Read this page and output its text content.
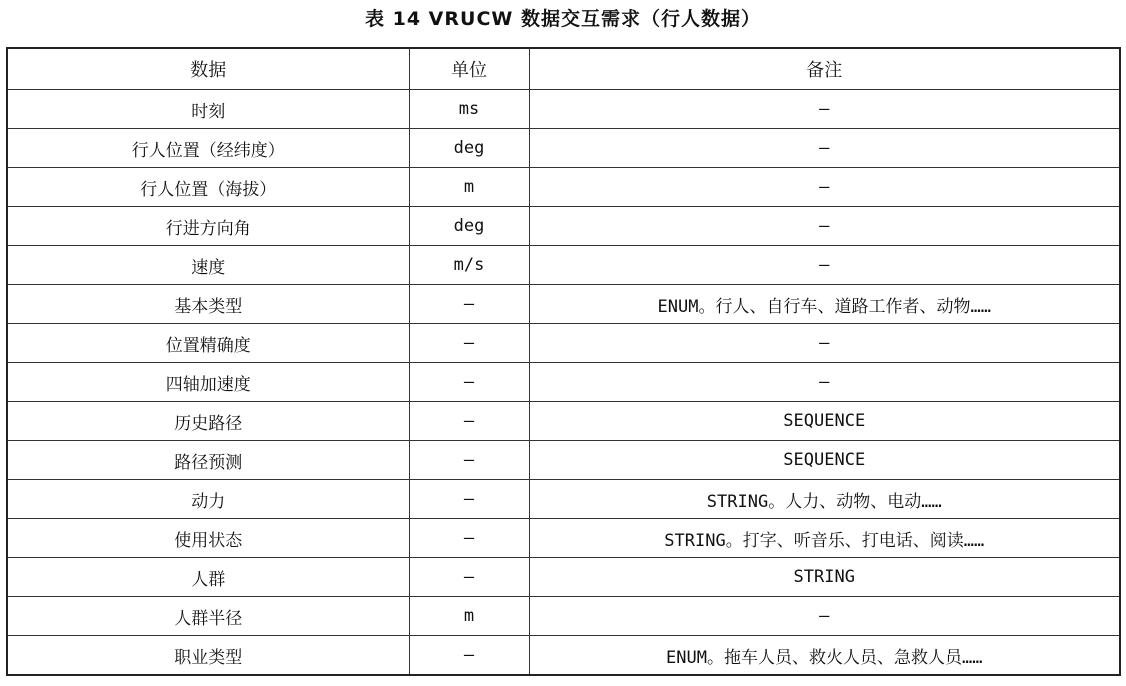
表 14 VRUCW 数据交互需求（行人数据）
数据	单位	备注
时刻	ms	—
行人位置（经纬度）	deg	—
行人位置（海拔）	m	—
行进方向角	deg	—
速度	m/s	—
基本类型	—	ENUM。行人、自行车、道路工作者、动物……
位置精确度	—	—
四轴加速度	—	—
历史路径	—	SEQUENCE
路径预测	—	SEQUENCE
动力	—	STRING。人力、动物、电动……
使用状态	—	STRING。打字、听音乐、打电话、阅读……
人群	—	STRING
人群半径	m	—
职业类型	—	ENUM。拖车人员、救火人员、急救人员……
